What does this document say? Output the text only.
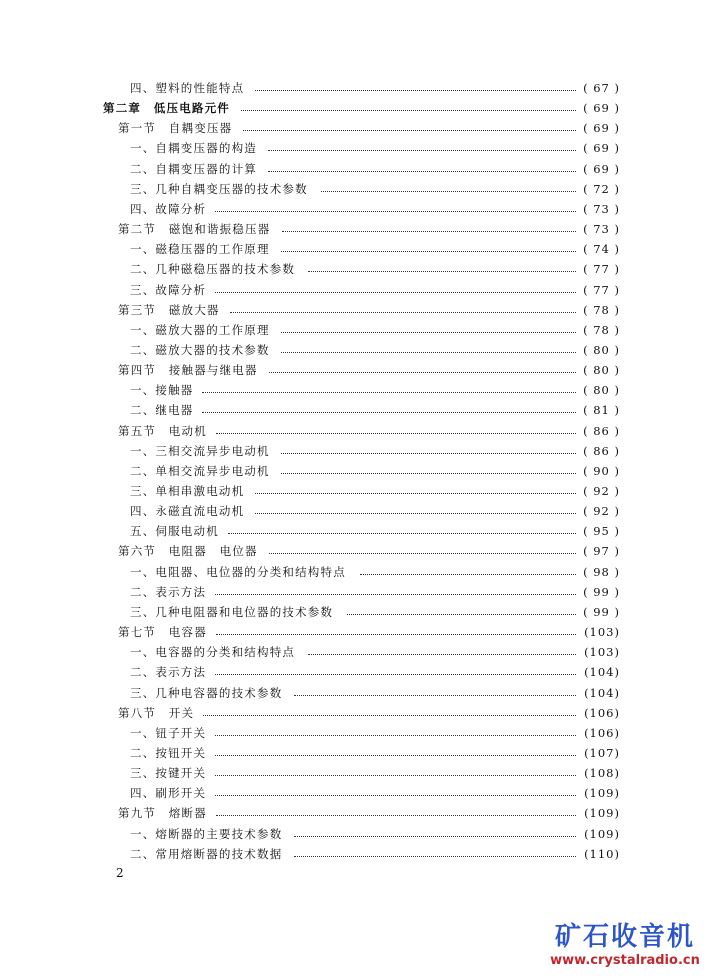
四、塑料的性能特点	( 67 )
第二章　低压电路元件	( 69 )
第一节　自耦变压器	( 69 )
一、自耦变压器的构造	( 69 )
二、自耦变压器的计算	( 69 )
三、几种自耦变压器的技术参数	( 72 )
四、故障分析	( 73 )
第二节　磁饱和谐振稳压器	( 73 )
一、磁稳压器的工作原理	( 74 )
二、几种磁稳压器的技术参数	( 77 )
三、故障分析	( 77 )
第三节　磁放大器	( 78 )
一、磁放大器的工作原理	( 78 )
二、磁放大器的技术参数	( 80 )
第四节　接触器与继电器	( 80 )
一、接触器	( 80 )
二、继电器	( 81 )
第五节　电动机	( 86 )
一、三相交流异步电动机	( 86 )
二、单相交流异步电动机	( 90 )
三、单相串激电动机	( 92 )
四、永磁直流电动机	( 92 )
五、伺服电动机	( 95 )
第六节　电阻器　电位器	( 97 )
一、电阻器、电位器的分类和结构特点	( 98 )
二、表示方法	( 99 )
三、几种电阻器和电位器的技术参数	( 99 )
第七节　电容器	(103)
一、电容器的分类和结构特点	(103)
二、表示方法	(104)
三、几种电容器的技术参数	(104)
第八节　开关	(106)
一、钮子开关	(106)
二、按钮开关	(107)
三、按键开关	(108)
四、刷形开关	(109)
第九节　熔断器	(109)
一、熔断器的主要技术参数	(109)
二、常用熔断器的技术数据	(110)
2
矿石收音机
www.crystalradio.cn
